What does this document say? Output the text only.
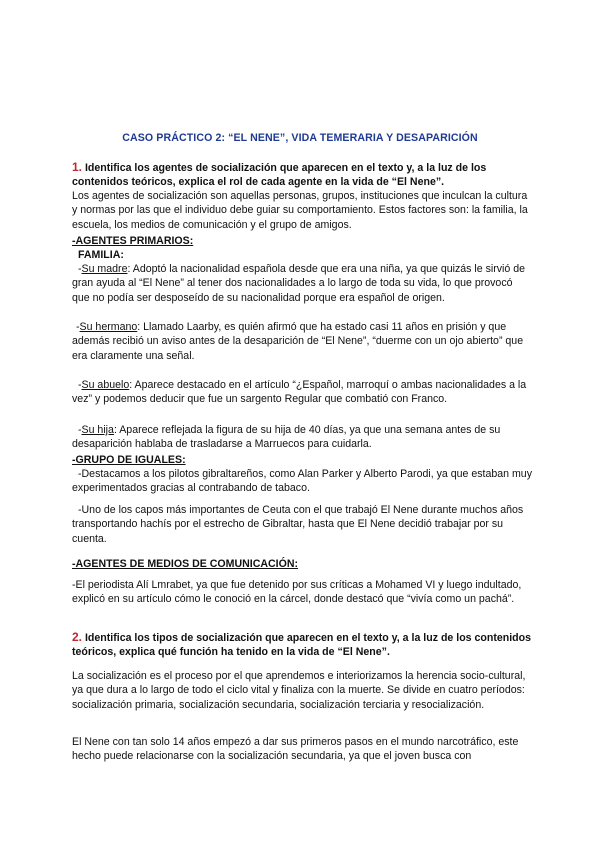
CASO PRÁCTICO 2: “EL NENE”, VIDA TEMERARIA Y DESAPARICIÓN
1. Identifica los agentes de socialización que aparecen en el texto y, a la luz de los contenidos teóricos, explica el rol de cada agente en la vida de “El Nene”.

Los agentes de socialización son aquellas personas, grupos, instituciones que inculcan la cultura y normas por las que el individuo debe guiar su comportamiento. Estos factores son: la familia, la escuela, los medios de comunicación y el grupo de amigos.

-AGENTES PRIMARIOS:

FAMILIA:

-Su madre: Adoptó la nacionalidad española desde que era una niña, ya que quizás le sirvió de gran ayuda al “El Nene” al tener dos nacionalidades a lo largo de toda su vida, lo que provocó que no podía ser desposeído de su nacionalidad porque era español de origen.

-Su hermano: Llamado Laarby, es quién afirmó que ha estado casi 11 años en prisión y que además recibió un aviso antes de la desaparición de “El Nene”, “duerme con un ojo abierto” que era claramente una señal.

-Su abuelo: Aparece destacado en el artículo “¿Español, marroquí o ambas nacionalidades a la vez” y podemos deducir que fue un sargento Regular que combatió con Franco.

-Su hija: Aparece reflejada la figura de su hija de 40 días, ya que una semana antes de su desaparición hablaba de trasladarse a Marruecos para cuidarla.

-GRUPO DE IGUALES:

-Destacamos a los pilotos gibraltareños, como Alan Parker y Alberto Parodi, ya que estaban muy experimentados gracias al contrabando de tabaco.

-Uno de los capos más importantes de Ceuta con el que trabajó El Nene durante muchos años transportando hachís por el estrecho de Gibraltar, hasta que El Nene decidió trabajar por su cuenta.

-AGENTES DE MEDIOS DE COMUNICACIÓN:

-El periodista Alí Lmrabet, ya que fue detenido por sus críticas a Mohamed VI y luego indultado, explicó en su artículo cómo le conoció en la cárcel, donde destacó que “vivía como un pachá”.

2. Identifica los tipos de socialización que aparecen en el texto y, a la luz de los contenidos teóricos, explica qué función ha tenido en la vida de “El Nene”.

La socialización es el proceso por el que aprendemos e interiorizamos la herencia socio-cultural, ya que dura a lo largo de todo el ciclo vital y finaliza con la muerte. Se divide en cuatro períodos: socialización primaria, socialización secundaria, socialización terciaria y resocialización.

El Nene con tan solo 14 años empezó a dar sus primeros pasos en el mundo narcotráfico, este hecho puede relacionarse con la socialización secundaria, ya que el joven busca con
